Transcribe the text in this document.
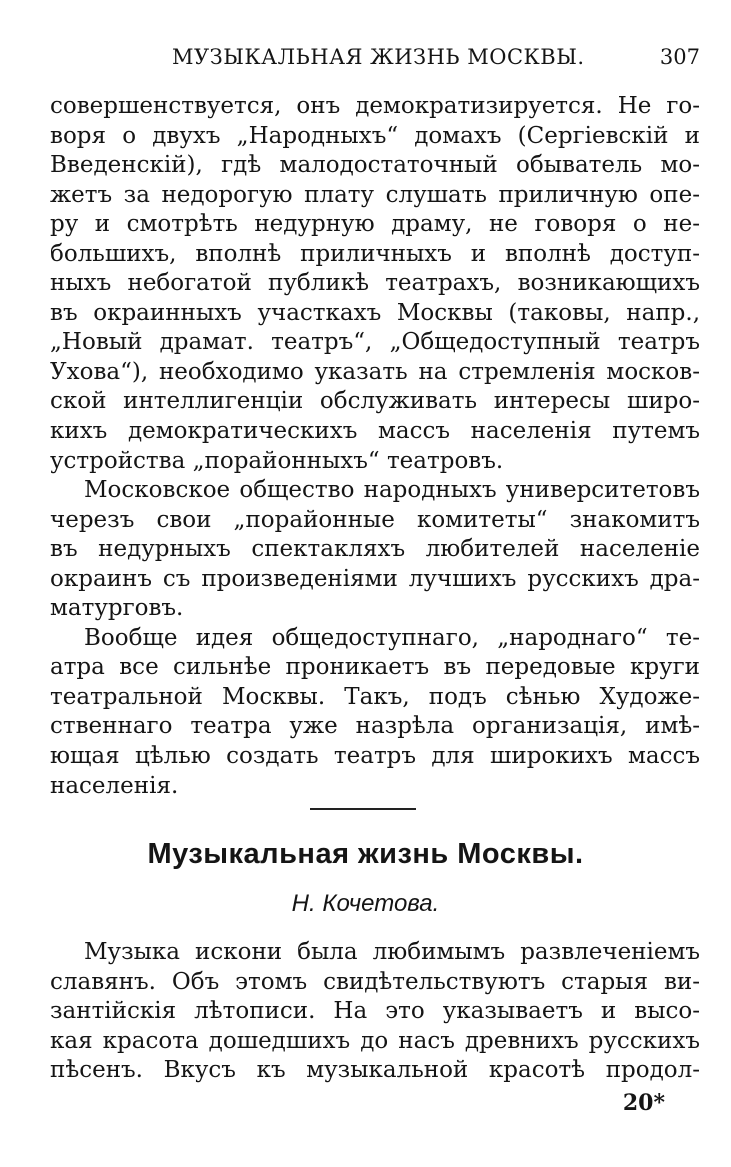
МУЗЫКАЛЬНАЯ ЖИЗНЬ МОСКВЫ.	307
совершенствуется, онъ демократизируется. Не го-
воря о двухъ „Народныхъ“ домахъ (Сергіевскій и
Введенскій), гдѣ малодостаточный обыватель мо-
жетъ за недорогую плату слушать приличную опе-
ру и смотрѣть недурную драму, не говоря о не-
большихъ, вполнѣ приличныхъ и вполнѣ доступ-
ныхъ небогатой публикѣ театрахъ, возникающихъ
въ окраинныхъ участкахъ Москвы (таковы, напр.,
„Новый драмат. театръ“, „Общедоступный театръ
Ухова“), необходимо указать на стремленія москов-
ской интеллигенціи обслуживать интересы широ-
кихъ демократическихъ массъ населенія путемъ
устройства „порайонныхъ“ театровъ.
Московское общество народныхъ университетовъ
черезъ свои „порайонные комитеты“ знакомитъ
въ недурныхъ спектакляхъ любителей населеніе
окраинъ съ произведеніями лучшихъ русскихъ дра-
матурговъ.
Вообще идея общедоступнаго, „народнаго“ те-
атра все сильнѣе проникаетъ въ передовые круги
театральной Москвы. Такъ, подъ сѣнью Художе-
ственнаго театра уже назрѣла организація, имѣ-
ющая цѣлью создать театръ для широкихъ массъ
населенія.
Музыкальная жизнь Москвы.
Н. Кочетова.
Музыка искони была любимымъ развлеченіемъ
славянъ. Объ этомъ свидѣтельствуютъ старыя ви-
зантійскія лѣтописи. На это указываетъ и высо-
кая красота дошедшихъ до насъ древнихъ русскихъ
пѣсенъ. Вкусъ къ музыкальной красотѣ продол-
20*
